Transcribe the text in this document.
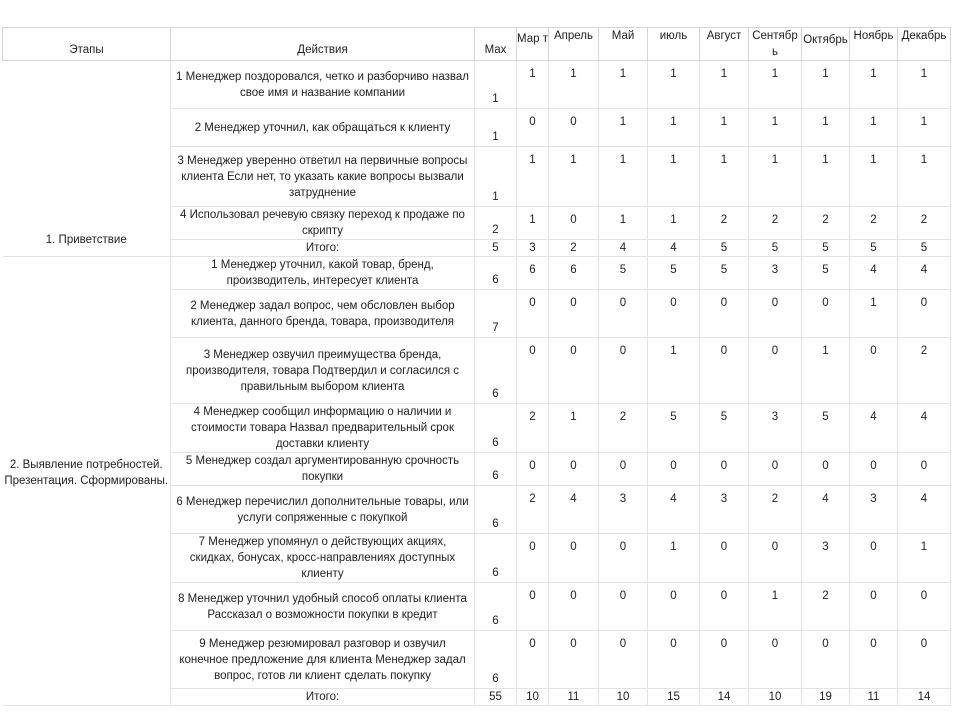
Этапы	Действия	Max	Мар т	Апрель	Май	июль	Август	Сентябр ь	Октябрь	Ноябрь	Декабрь
1. Приветствие	1 Менеджер поздоровался, четко и разборчиво назвал свое имя и название компании	1	1	1	1	1	1	1	1	1	1
	2 Менеджер уточнил, как обращаться к клиенту	1	0	0	1	1	1	1	1	1	1
	3 Менеджер уверенно ответил на первичные вопросы клиента Если нет, то указать какие вопросы вызвали затруднение	1	1	1	1	1	1	1	1	1	1
	4 Использовал речевую связку переход к продаже по скрипту	2	1	0	1	1	2	2	2	2	2
	Итого:	5	3	2	4	4	5	5	5	5	5
2. Выявление потребностей. Презентация. Сформированы.	1 Менеджер уточнил, какой товар, бренд, производитель, интересует клиента	6	6	6	5	5	5	3	5	4	4
	2 Менеджер задал вопрос, чем обсловлен выбор клиента, данного бренда, товара, производителя	7	0	0	0	0	0	0	0	1	0
	3 Менеджер озвучил преимущества бренда, производителя, товара Подтвердил и согласился с правильным выбором клиента	6	0	0	0	1	0	0	1	0	2
	4 Менеджер сообщил информацию о наличии и стоимости товара Назвал предварительный срок доставки клиенту	6	2	1	2	5	5	3	5	4	4
	5 Менеджер создал аргументированную срочность покупки	6	0	0	0	0	0	0	0	0	0
	6 Менеджер перечислил дополнительные товары, или услуги сопряженные с покупкой	6	2	4	3	4	3	2	4	3	4
	7 Менеджер упомянул о действующих акциях, скидках, бонусах, кросс-направлениях доступных клиенту	6	0	0	0	1	0	0	3	0	1
	8 Менеджер уточнил удобный способ оплаты клиента Рассказал о возможности покупки в кредит	6	0	0	0	0	0	1	2	0	0
	9 Менеджер резюмировал разговор и озвучил конечное предложение для клиента Менеджер задал вопрос, готов ли клиент сделать покупку	6	0	0	0	0	0	0	0	0	0
	Итого:	55	10	11	10	15	14	10	19	11	14
